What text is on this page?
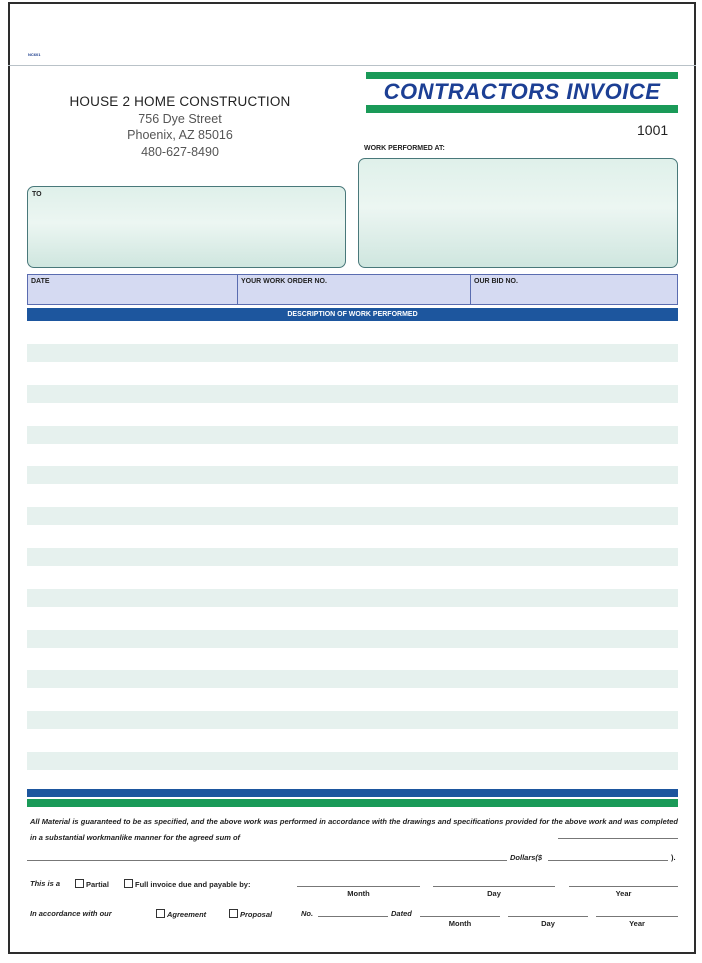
NC601
HOUSE 2 HOME CONSTRUCTION
756 Dye Street
Phoenix, AZ 85016
480-627-8490
CONTRACTORS INVOICE
1001
WORK PERFORMED AT:
TO
DATE	YOUR WORK ORDER NO.	OUR BID NO.
DESCRIPTION OF WORK PERFORMED
All Material is guaranteed to be as specified, and the above work was performed in accordance with the drawings and specifications provided for the above work and was completed in a substantial workmanlike manner for the agreed sum of
Dollars($	).
This is a	Partial	Full invoice due and payable by:
Month	Day	Year
In accordance with our	Agreement	Proposal	No.	Dated
Month	Day	Year
